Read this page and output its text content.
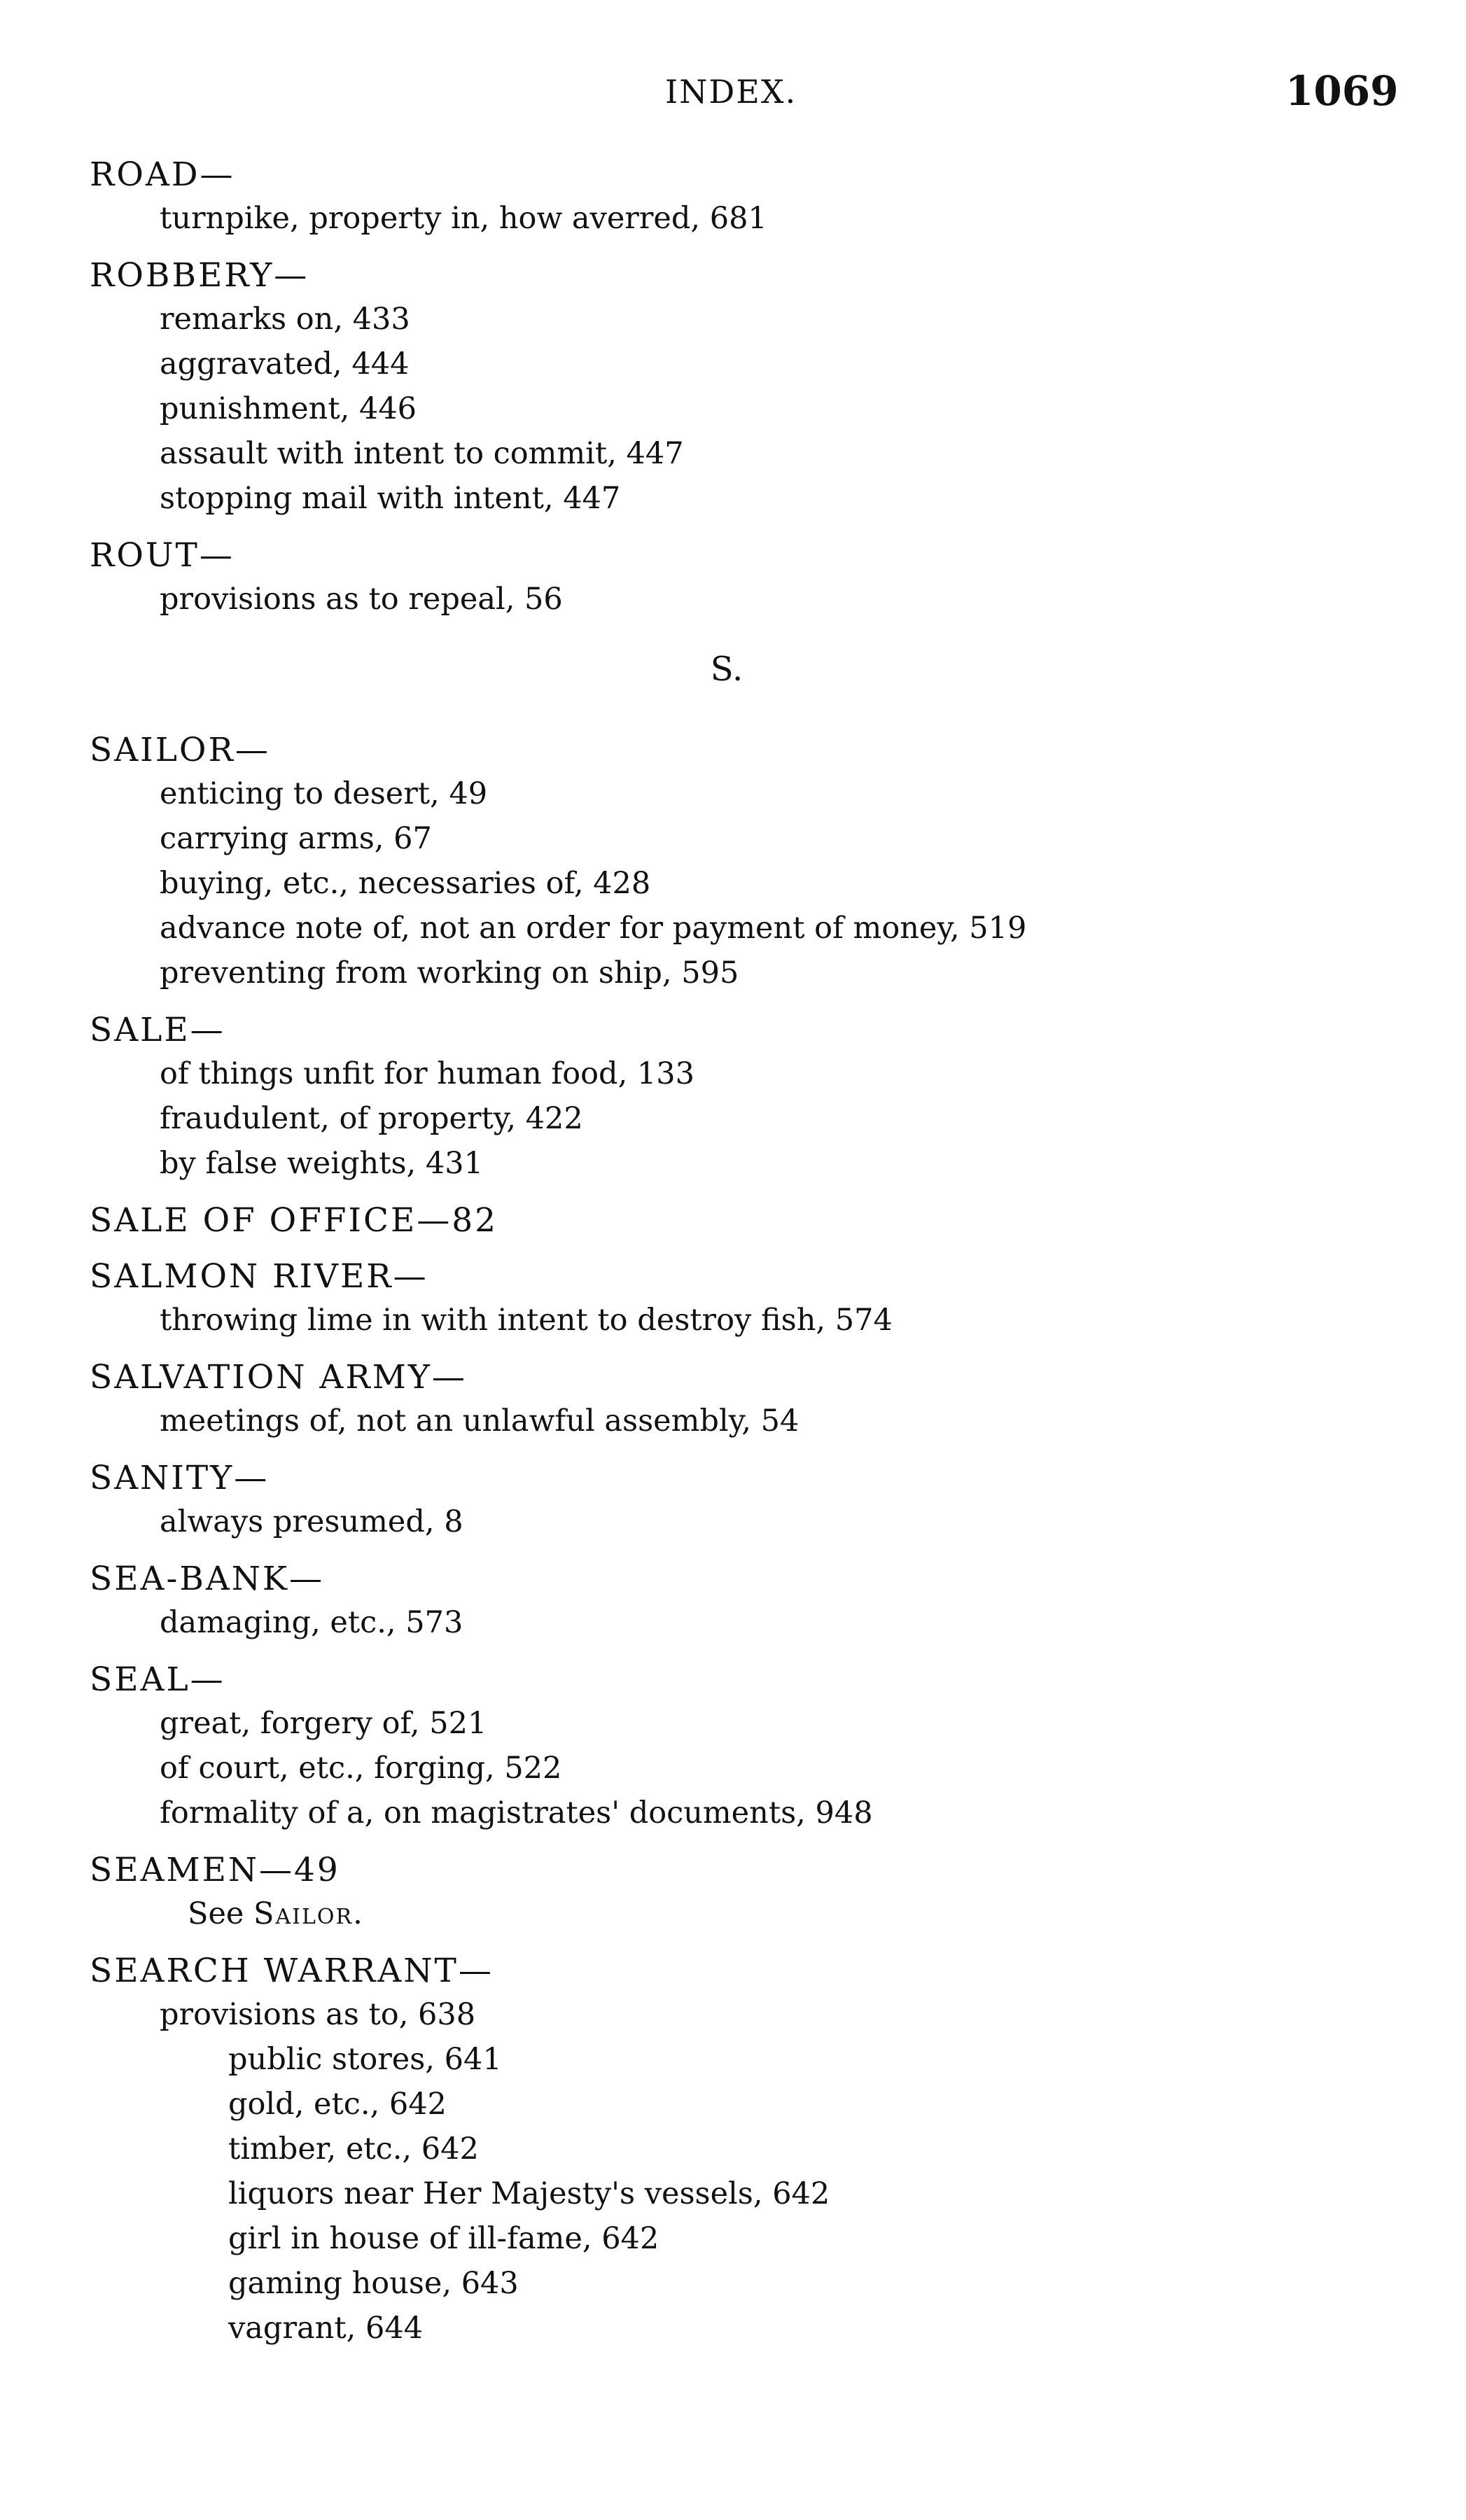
INDEX.	1069
ROAD—
turnpike, property in, how averred, 681
ROBBERY—
remarks on, 433
aggravated, 444
punishment, 446
assault with intent to commit, 447
stopping mail with intent, 447
ROUT—
provisions as to repeal, 56
S.
SAILOR—
enticing to desert, 49
carrying arms, 67
buying, etc., necessaries of, 428
advance note of, not an order for payment of money, 519
preventing from working on ship, 595
SALE—
of things unfit for human food, 133
fraudulent, of property, 422
by false weights, 431
SALE OF OFFICE—82
SALMON RIVER—
throwing lime in with intent to destroy fish, 574
SALVATION ARMY—
meetings of, not an unlawful assembly, 54
SANITY—
always presumed, 8
SEA-BANK—
damaging, etc., 573
SEAL—
great, forgery of, 521
of court, etc., forging, 522
formality of a, on magistrates' documents, 948
SEAMEN—49
See Sailor.
SEARCH WARRANT—
provisions as to, 638
public stores, 641
gold, etc., 642
timber, etc., 642
liquors near Her Majesty's vessels, 642
girl in house of ill-fame, 642
gaming house, 643
vagrant, 644
